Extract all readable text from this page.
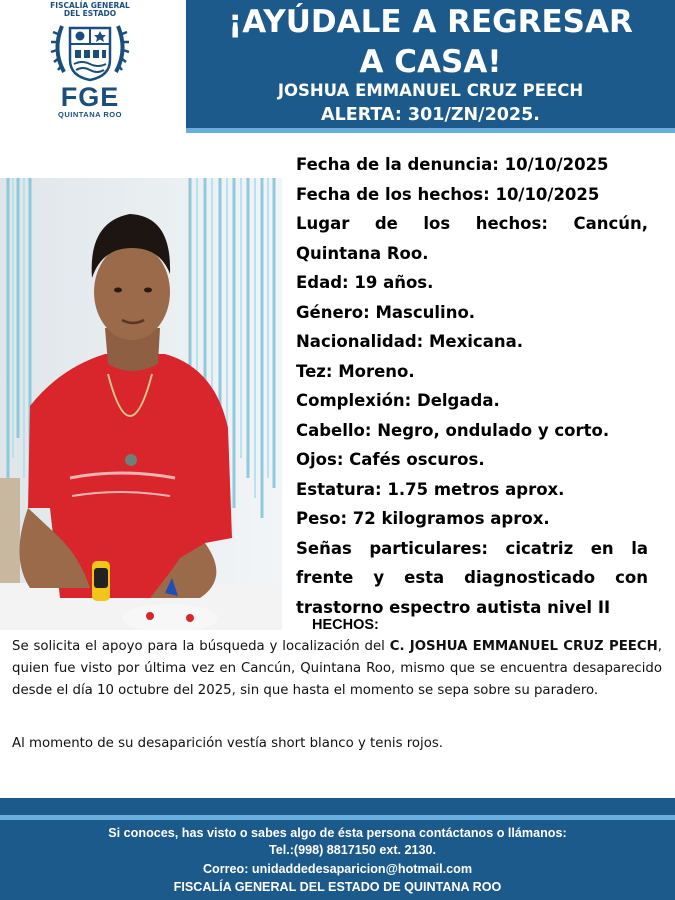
FISCALÍA GENERAL
DEL ESTADO
FGE
QUINTANA ROO
¡AYÚDALE A REGRESAR
A CASA!
JOSHUA EMMANUEL CRUZ PEECH
ALERTA: 301/ZN/2025.
Fecha de la denuncia: 10/10/2025
Fecha de los hechos: 10/10/2025
Lugar de los hechos: Cancún, Quintana Roo.
Edad: 19 años.
Género: Masculino.
Nacionalidad: Mexicana.
Tez: Moreno.
Complexión: Delgada.
Cabello: Negro, ondulado y corto.
Ojos: Cafés oscuros.
Estatura: 1.75 metros aprox.
Peso: 72 kilogramos aprox.
Señas particulares: cicatriz en la frente y esta diagnosticado con trastorno espectro autista nivel II
HECHOS:
Se solicita el apoyo para la búsqueda y localización del C. JOSHUA EMMANUEL CRUZ PEECH, quien fue visto por última vez en Cancún, Quintana Roo, mismo que se encuentra desaparecido desde el día 10 octubre del 2025, sin que hasta el momento se sepa sobre su paradero.
Al momento de su desaparición vestía short blanco y tenis rojos.
Si conoces, has visto o sabes algo de ésta persona contáctanos o llámanos:
Tel.:(998) 8817150 ext. 2130.
Correo: unidaddedesaparicion@hotmail.com
FISCALÍA GENERAL DEL ESTADO DE QUINTANA ROO
